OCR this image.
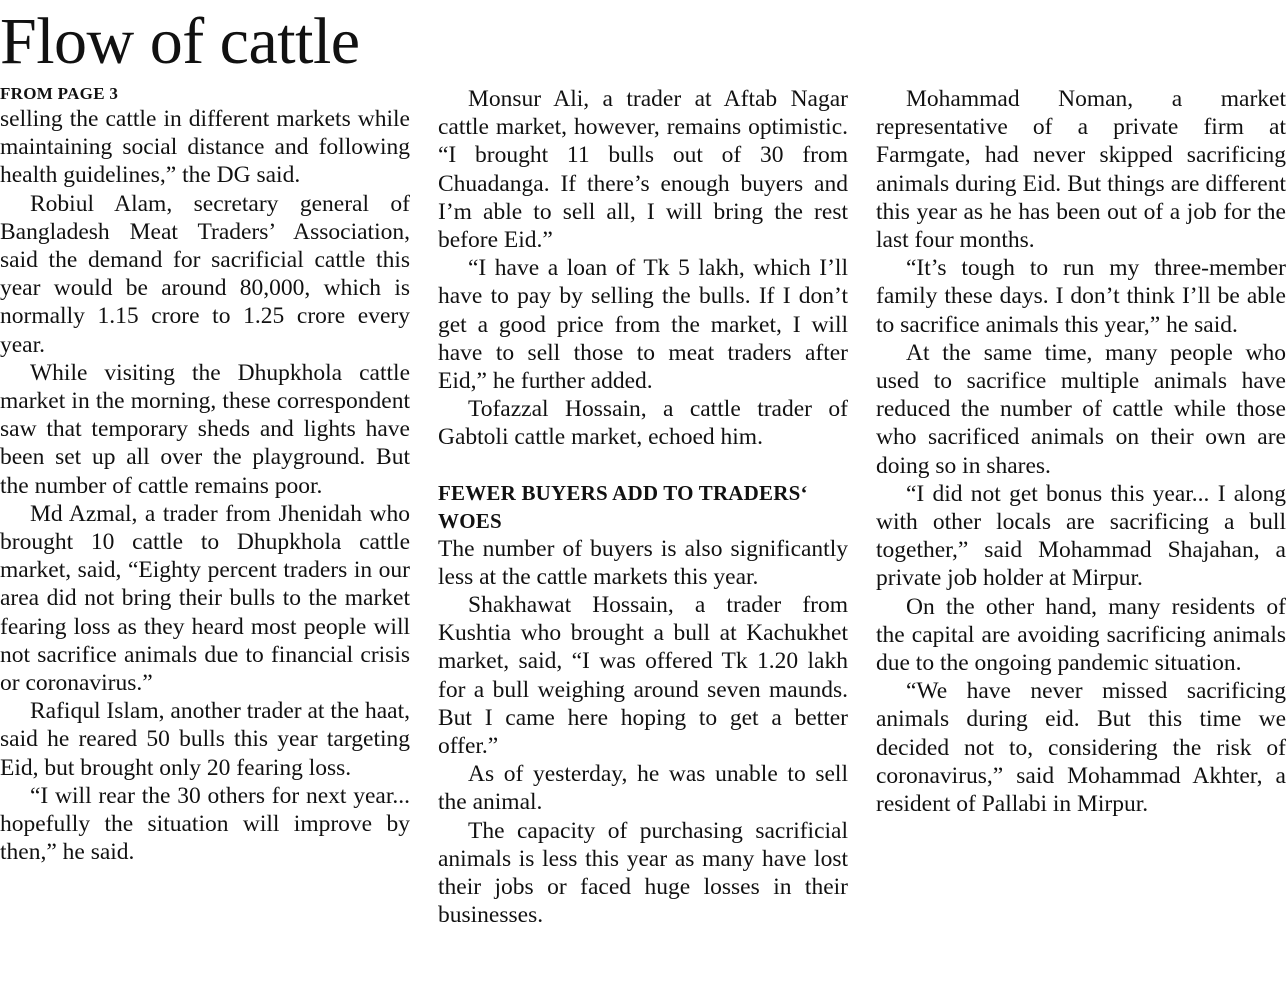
Flow of cattle
FROM PAGE 3

selling the cattle in different markets while maintaining social distance and following health guidelines,” the DG said.

Robiul Alam, secretary general of Bangladesh Meat Traders’ Association, said the demand for sacrificial cattle this year would be around 80,000, which is normally 1.15 crore to 1.25 crore every year.

While visiting the Dhupkhola cattle market in the morning, these correspondent saw that temporary sheds and lights have been set up all over the playground. But the number of cattle remains poor.

Md Azmal, a trader from Jhenidah who brought 10 cattle to Dhupkhola cattle market, said, “Eighty percent traders in our area did not bring their bulls to the market fearing loss as they heard most people will not sacrifice animals due to financial crisis or coronavirus.”

Rafiqul Islam, another trader at the haat, said he reared 50 bulls this year targeting Eid, but brought only 20 fearing loss.

“I will rear the 30 others for next year... hopefully the situation will improve by then,” he said.

Monsur Ali, a trader at Aftab Nagar cattle market, however, remains optimistic. “I brought 11 bulls out of 30 from Chuadanga. If there’s enough buyers and I’m able to sell all, I will bring the rest before Eid.”

“I have a loan of Tk 5 lakh, which I’ll have to pay by selling the bulls. If I don’t get a good price from the market, I will have to sell those to meat traders after Eid,” he further added.

Tofazzal Hossain, a cattle trader of Gabtoli cattle market, echoed him.

FEWER BUYERS ADD TO TRADERS‘ WOES

The number of buyers is also significantly less at the cattle markets this year.

Shakhawat Hossain, a trader from Kushtia who brought a bull at Kachukhet market, said, “I was offered Tk 1.20 lakh for a bull weighing around seven maunds. But I came here hoping to get a better offer.”

As of yesterday, he was unable to sell the animal.

The capacity of purchasing sacrificial animals is less this year as many have lost their jobs or faced huge losses in their businesses.

Mohammad Noman, a market representative of a private firm at Farmgate, had never skipped sacrificing animals during Eid. But things are different this year as he has been out of a job for the last four months.

“It’s tough to run my three-member family these days. I don’t think I’ll be able to sacrifice animals this year,” he said.

At the same time, many people who used to sacrifice multiple animals have reduced the number of cattle while those who sacrificed animals on their own are doing so in shares.

“I did not get bonus this year... I along with other locals are sacrificing a bull together,” said Mohammad Shajahan, a private job holder at Mirpur.

On the other hand, many residents of the capital are avoiding sacrificing animals due to the ongoing pandemic situation.

“We have never missed sacrificing animals during eid. But this time we decided not to, considering the risk of coronavirus,” said Mohammad Akhter, a resident of Pallabi in Mirpur.
